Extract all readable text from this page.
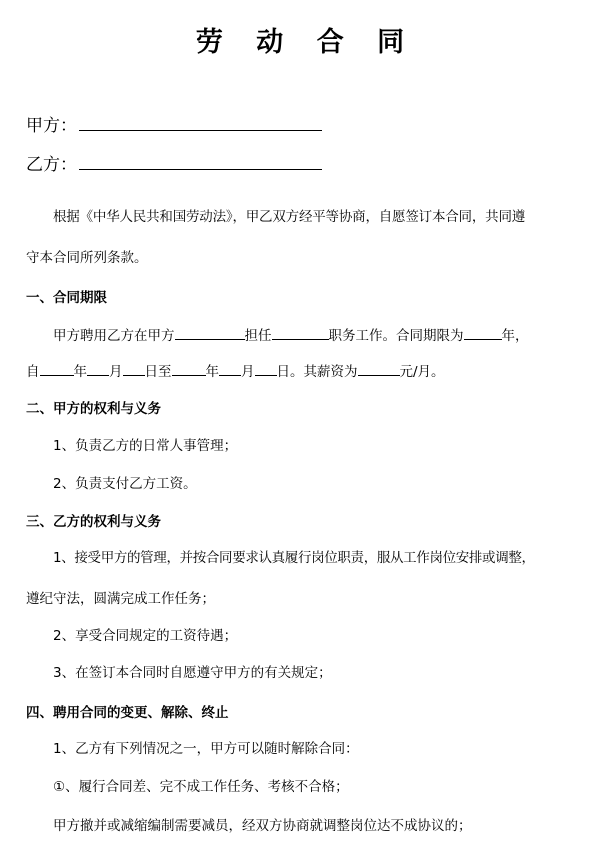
劳 动 合 同
甲方：
乙方：
根据《中华人民共和国劳动法》，甲乙双方经平等协商，自愿签订本合同，共同遵
守本合同所列条款。
一、合同期限
甲方聘用乙方在甲方	担任	职务工作。合同期限为	年，
自	年 月 日至	年 月 日。其薪资为	元/月。
二、甲方的权利与义务
1、负责乙方的日常人事管理；
2、负责支付乙方工资。
三、乙方的权利与义务
1、接受甲方的管理，并按合同要求认真履行岗位职责，服从工作岗位安排或调整，
遵纪守法，圆满完成工作任务；
2、享受合同规定的工资待遇；
3、在签订本合同时自愿遵守甲方的有关规定；
四、聘用合同的变更、解除、终止
1、乙方有下列情况之一，甲方可以随时解除合同：
①、履行合同差、完不成工作任务、考核不合格；
甲方撤并或减缩编制需要减员，经双方协商就调整岗位达不成协议的；
